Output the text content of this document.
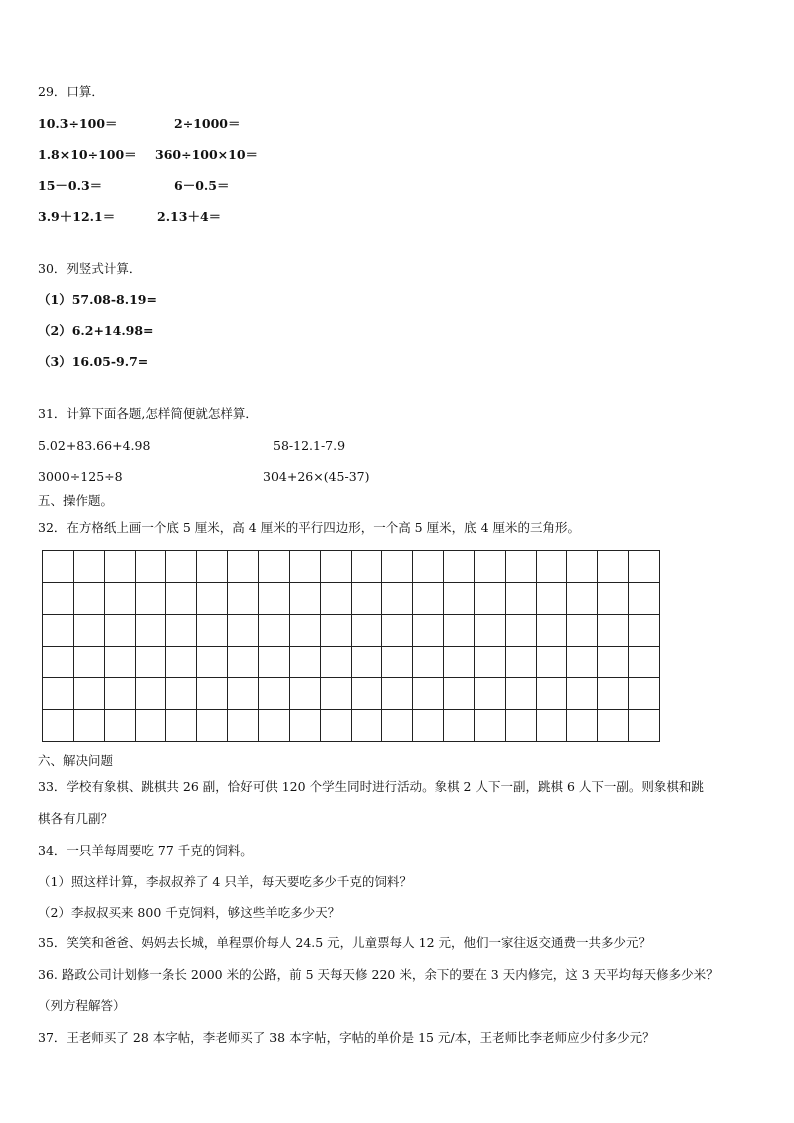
29．口算．
10.3÷100＝	2÷1000＝
1.8×10÷100＝ 360÷100×10＝
15－0.3＝	6－0.5＝
3.9＋12.1＝	2.13＋4＝
30．列竖式计算．
（1）57.08-8.19=
（2）6.2+14.98=
（3）16.05-9.7=
31．计算下面各题,怎样简便就怎样算．
5.02+83.66+4.98	58-12.1-7.9
3000÷125÷8	304+26×(45-37)
五、操作题。
32．在方格纸上画一个底 5 厘米，高 4 厘米的平行四边形，一个高 5 厘米，底 4 厘米的三角形。
六、解决问题
33．学校有象棋、跳棋共 26 副，恰好可供 120 个学生同时进行活动。象棋 2 人下一副，跳棋 6 人下一副。则象棋和跳
棋各有几副？
34．一只羊每周要吃 77 千克的饲料。
（1）照这样计算，李叔叔养了 4 只羊，每天要吃多少千克的饲料？
（2）李叔叔买来 800 千克饲料，够这些羊吃多少天？
35．笑笑和爸爸、妈妈去长城，单程票价每人 24.5 元，儿童票每人 12 元，他们一家往返交通费一共多少元？
36. 路政公司计划修一条长 2000 米的公路，前 5 天每天修 220 米，余下的要在 3 天内修完，这 3 天平均每天修多少米？
（列方程解答）
37．王老师买了 28 本字帖，李老师买了 38 本字帖，字帖的单价是 15 元/本，王老师比李老师应少付多少元？
